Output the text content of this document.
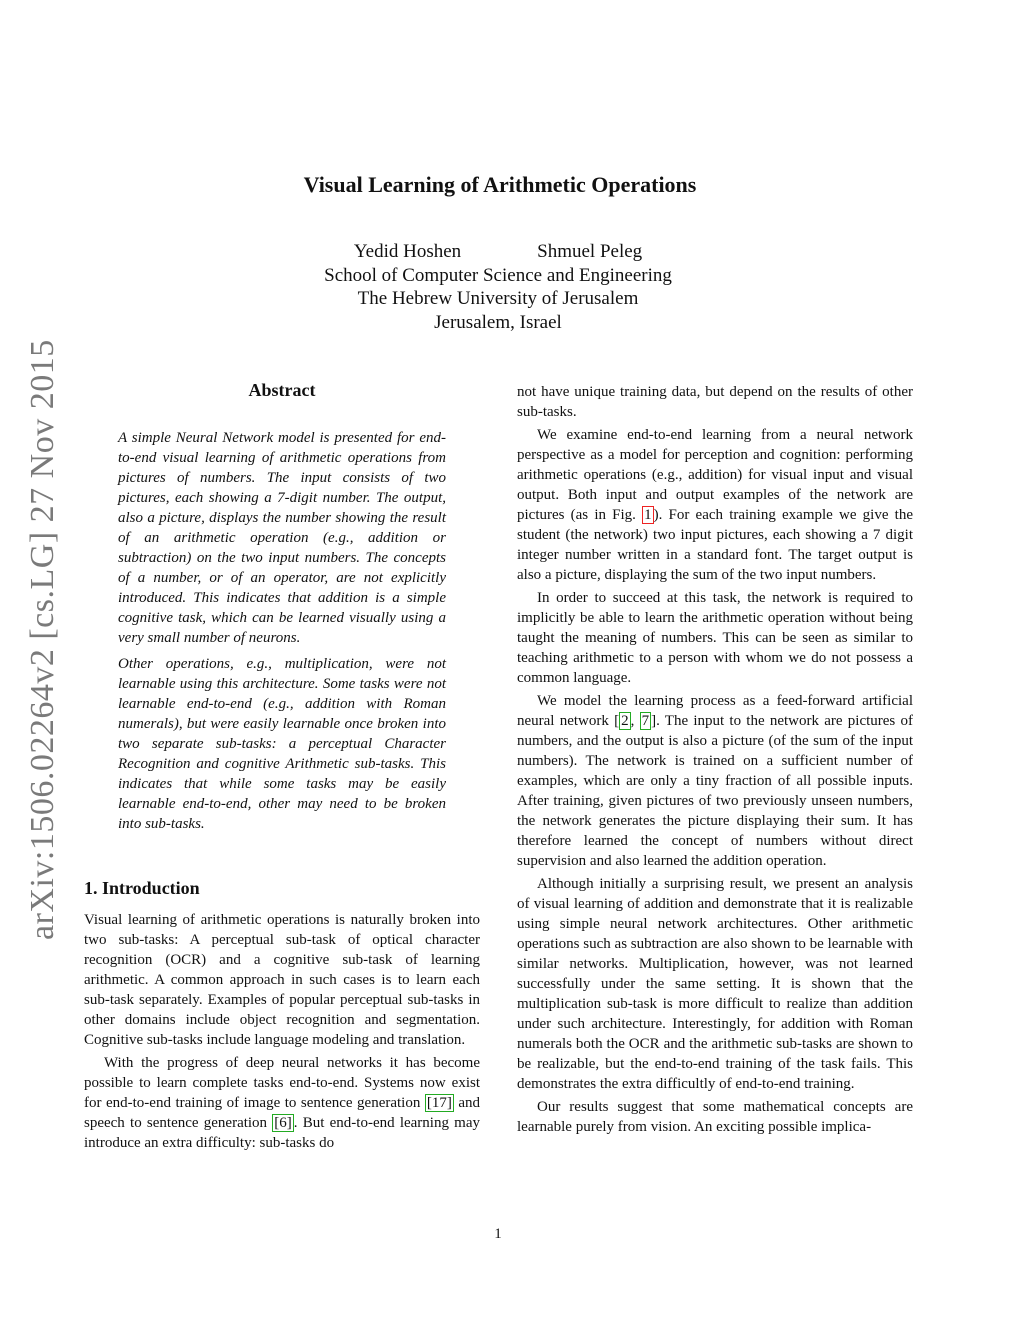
arXiv:1506.02264v2 [cs.LG] 27 Nov 2015
Visual Learning of Arithmetic Operations
Yedid Hoshen	Shmuel Peleg
School of Computer Science and Engineering
The Hebrew University of Jerusalem
Jerusalem, Israel
Abstract

A simple Neural Network model is presented for end-to-end visual learning of arithmetic operations from pictures of numbers. The input consists of two pictures, each showing a 7-digit number. The output, also a picture, displays the number showing the result of an arithmetic operation (e.g., addition or subtraction) on the two input numbers. The concepts of a number, or of an operator, are not explicitly introduced. This indicates that addition is a simple cognitive task, which can be learned visually using a very small number of neurons.

Other operations, e.g., multiplication, were not learnable using this architecture. Some tasks were not learnable end-to-end (e.g., addition with Roman numerals), but were easily learnable once broken into two separate sub-tasks: a perceptual Character Recognition and cognitive Arithmetic sub-tasks. This indicates that while some tasks may be easily learnable end-to-end, other may need to be broken into sub-tasks.

1. Introduction

Visual learning of arithmetic operations is naturally broken into two sub-tasks: A perceptual sub-task of optical character recognition (OCR) and a cognitive sub-task of learning arithmetic. A common approach in such cases is to learn each sub-task separately. Examples of popular perceptual sub-tasks in other domains include object recognition and segmentation. Cognitive sub-tasks include language modeling and translation.

With the progress of deep neural networks it has become possible to learn complete tasks end-to-end. Systems now exist for end-to-end training of image to sentence generation [17] and speech to sentence generation [6] . But end-to-end learning may introduce an extra difficulty: sub-tasks do

not have unique training data, but depend on the results of other sub-tasks.

We examine end-to-end learning from a neural network perspective as a model for perception and cognition: performing arithmetic operations (e.g., addition) for visual input and visual output. Both input and output examples of the network are pictures (as in Fig. 1 ). For each training example we give the student (the network) two input pictures, each showing a 7 digit integer number written in a standard font. The target output is also a picture, displaying the sum of the two input numbers.

In order to succeed at this task, the network is required to implicitly be able to learn the arithmetic operation without being taught the meaning of numbers. This can be seen as similar to teaching arithmetic to a person with whom we do not possess a common language.

We model the learning process as a feed-forward artificial neural network [ 2 , 7 ]. The input to the network are pictures of numbers, and the output is also a picture (of the sum of the input numbers). The network is trained on a sufficient number of examples, which are only a tiny fraction of all possible inputs. After training, given pictures of two previously unseen numbers, the network generates the picture displaying their sum. It has therefore learned the concept of numbers without direct supervision and also learned the addition operation.

Although initially a surprising result, we present an analysis of visual learning of addition and demonstrate that it is realizable using simple neural network architectures. Other arithmetic operations such as subtraction are also shown to be learnable with similar networks. Multiplication, however, was not learned successfully under the same setting. It is shown that the multiplication sub-task is more difficult to realize than addition under such architecture. Interestingly, for addition with Roman numerals both the OCR and the arithmetic sub-tasks are shown to be realizable, but the end-to-end training of the task fails. This demonstrates the extra difficultly of end-to-end training.

Our results suggest that some mathematical concepts are learnable purely from vision. An exciting possible implica-

1
